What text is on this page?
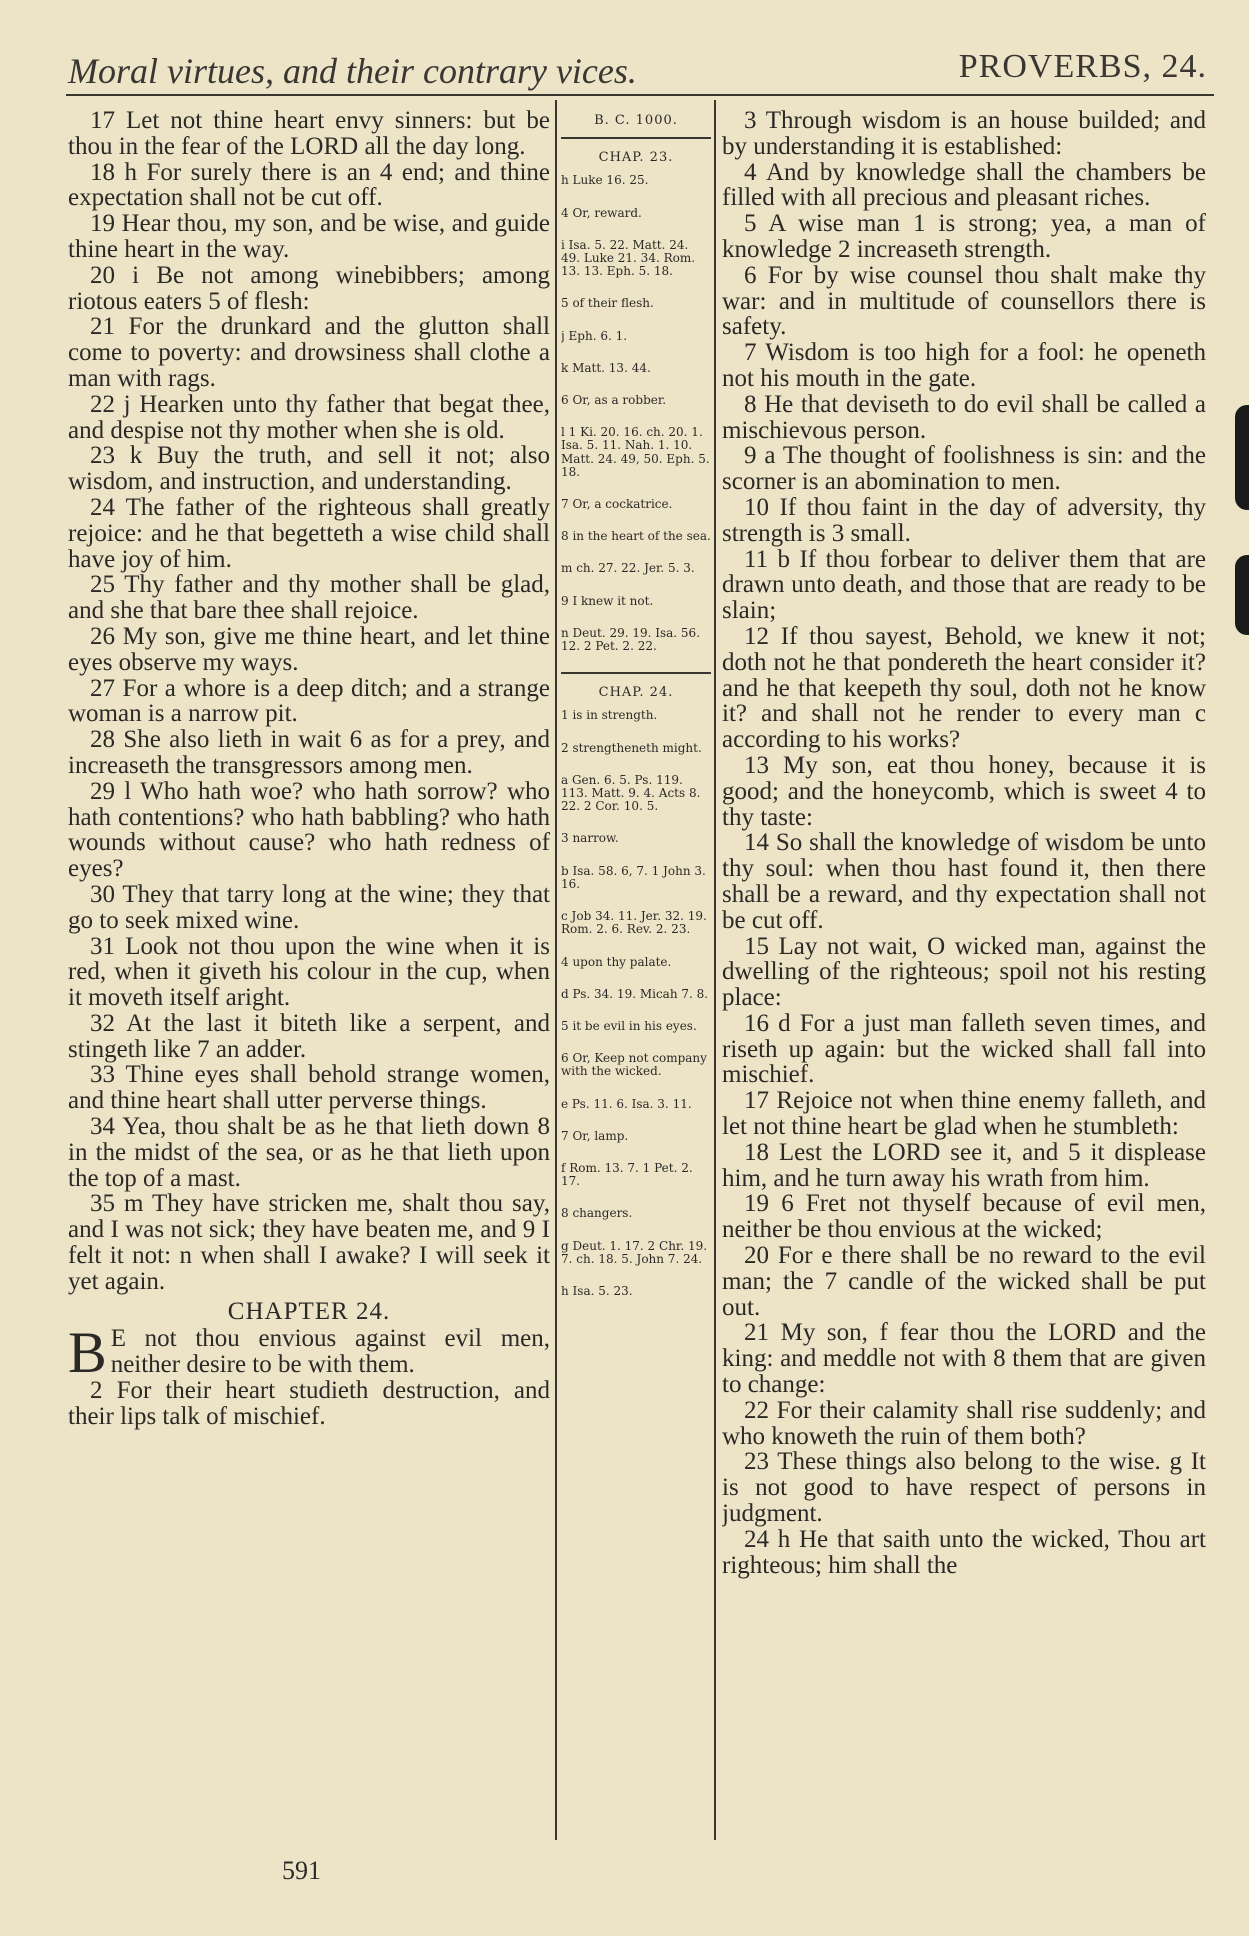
Moral virtues, and their contrary vices.	PROVERBS, 24.

17 Let not thine heart envy sinners: but be thou in the fear of the LORD all the day long.

18 h For surely there is an 4 end; and thine expectation shall not be cut off.

19 Hear thou, my son, and be wise, and guide thine heart in the way.

20 i Be not among winebibbers; among riotous eaters 5 of flesh:

21 For the drunkard and the glutton shall come to poverty: and drowsiness shall clothe a man with rags.

22 j Hearken unto thy father that begat thee, and despise not thy mother when she is old.

23 k Buy the truth, and sell it not; also wisdom, and instruction, and understanding.

24 The father of the righteous shall greatly rejoice: and he that begetteth a wise child shall have joy of him.

25 Thy father and thy mother shall be glad, and she that bare thee shall rejoice.

26 My son, give me thine heart, and let thine eyes observe my ways.

27 For a whore is a deep ditch; and a strange woman is a narrow pit.

28 She also lieth in wait 6 as for a prey, and increaseth the transgressors among men.

29 l Who hath woe? who hath sorrow? who hath contentions? who hath babbling? who hath wounds without cause? who hath redness of eyes?

30 They that tarry long at the wine; they that go to seek mixed wine.

31 Look not thou upon the wine when it is red, when it giveth his colour in the cup, when it moveth itself aright.

32 At the last it biteth like a serpent, and stingeth like 7 an adder.

33 Thine eyes shall behold strange women, and thine heart shall utter perverse things.

34 Yea, thou shalt be as he that lieth down 8 in the midst of the sea, or as he that lieth upon the top of a mast.

35 m They have stricken me, shalt thou say, and I was not sick; they have beaten me, and 9 I felt it not: n when shall I awake? I will seek it yet again.

CHAPTER 24.

B E not thou envious against evil men, neither desire to be with them.

2 For their heart studieth destruction, and their lips talk of mischief.

B. C. 1000.
CHAP. 23.
h Luke 16. 25.
4 Or, reward.
i Isa. 5. 22. Matt. 24. 49. Luke 21. 34. Rom. 13. 13. Eph. 5. 18.
5 of their flesh.
j Eph. 6. 1.
k Matt. 13. 44.
6 Or, as a robber.
l 1 Ki. 20. 16. ch. 20. 1. Isa. 5. 11. Nah. 1. 10. Matt. 24. 49, 50. Eph. 5. 18.
7 Or, a cockatrice.
8 in the heart of the sea.
m ch. 27. 22. Jer. 5. 3.
9 I knew it not.
n Deut. 29. 19. Isa. 56. 12. 2 Pet. 2. 22.
CHAP. 24.
1 is in strength.
2 strengtheneth might.
a Gen. 6. 5. Ps. 119. 113. Matt. 9. 4. Acts 8. 22. 2 Cor. 10. 5.
3 narrow.
b Isa. 58. 6, 7. 1 John 3. 16.
c Job 34. 11. Jer. 32. 19. Rom. 2. 6. Rev. 2. 23.
4 upon thy palate.
d Ps. 34. 19. Micah 7. 8.
5 it be evil in his eyes.
6 Or, Keep not company with the wicked.
e Ps. 11. 6. Isa. 3. 11.
7 Or, lamp.
f Rom. 13. 7. 1 Pet. 2. 17.
8 changers.
g Deut. 1. 17. 2 Chr. 19. 7. ch. 18. 5. John 7. 24.
h Isa. 5. 23.

3 Through wisdom is an house builded; and by understanding it is established:

4 And by knowledge shall the chambers be filled with all precious and pleasant riches.

5 A wise man 1 is strong; yea, a man of knowledge 2 increaseth strength.

6 For by wise counsel thou shalt make thy war: and in multitude of counsellors there is safety.

7 Wisdom is too high for a fool: he openeth not his mouth in the gate.

8 He that deviseth to do evil shall be called a mischievous person.

9 a The thought of foolishness is sin: and the scorner is an abomination to men.

10 If thou faint in the day of adversity, thy strength is 3 small.

11 b If thou forbear to deliver them that are drawn unto death, and those that are ready to be slain;

12 If thou sayest, Behold, we knew it not; doth not he that pondereth the heart consider it? and he that keepeth thy soul, doth not he know it? and shall not he render to every man c according to his works?

13 My son, eat thou honey, because it is good; and the honeycomb, which is sweet 4 to thy taste:

14 So shall the knowledge of wisdom be unto thy soul: when thou hast found it, then there shall be a reward, and thy expectation shall not be cut off.

15 Lay not wait, O wicked man, against the dwelling of the righteous; spoil not his resting place:

16 d For a just man falleth seven times, and riseth up again: but the wicked shall fall into mischief.

17 Rejoice not when thine enemy falleth, and let not thine heart be glad when he stumbleth:

18 Lest the LORD see it, and 5 it displease him, and he turn away his wrath from him.

19 6 Fret not thyself because of evil men, neither be thou envious at the wicked;

20 For e there shall be no reward to the evil man; the 7 candle of the wicked shall be put out.

21 My son, f fear thou the LORD and the king: and meddle not with 8 them that are given to change:

22 For their calamity shall rise suddenly; and who knoweth the ruin of them both?

23 These things also belong to the wise. g It is not good to have respect of persons in judgment.

24 h He that saith unto the wicked, Thou art righteous; him shall the

591
